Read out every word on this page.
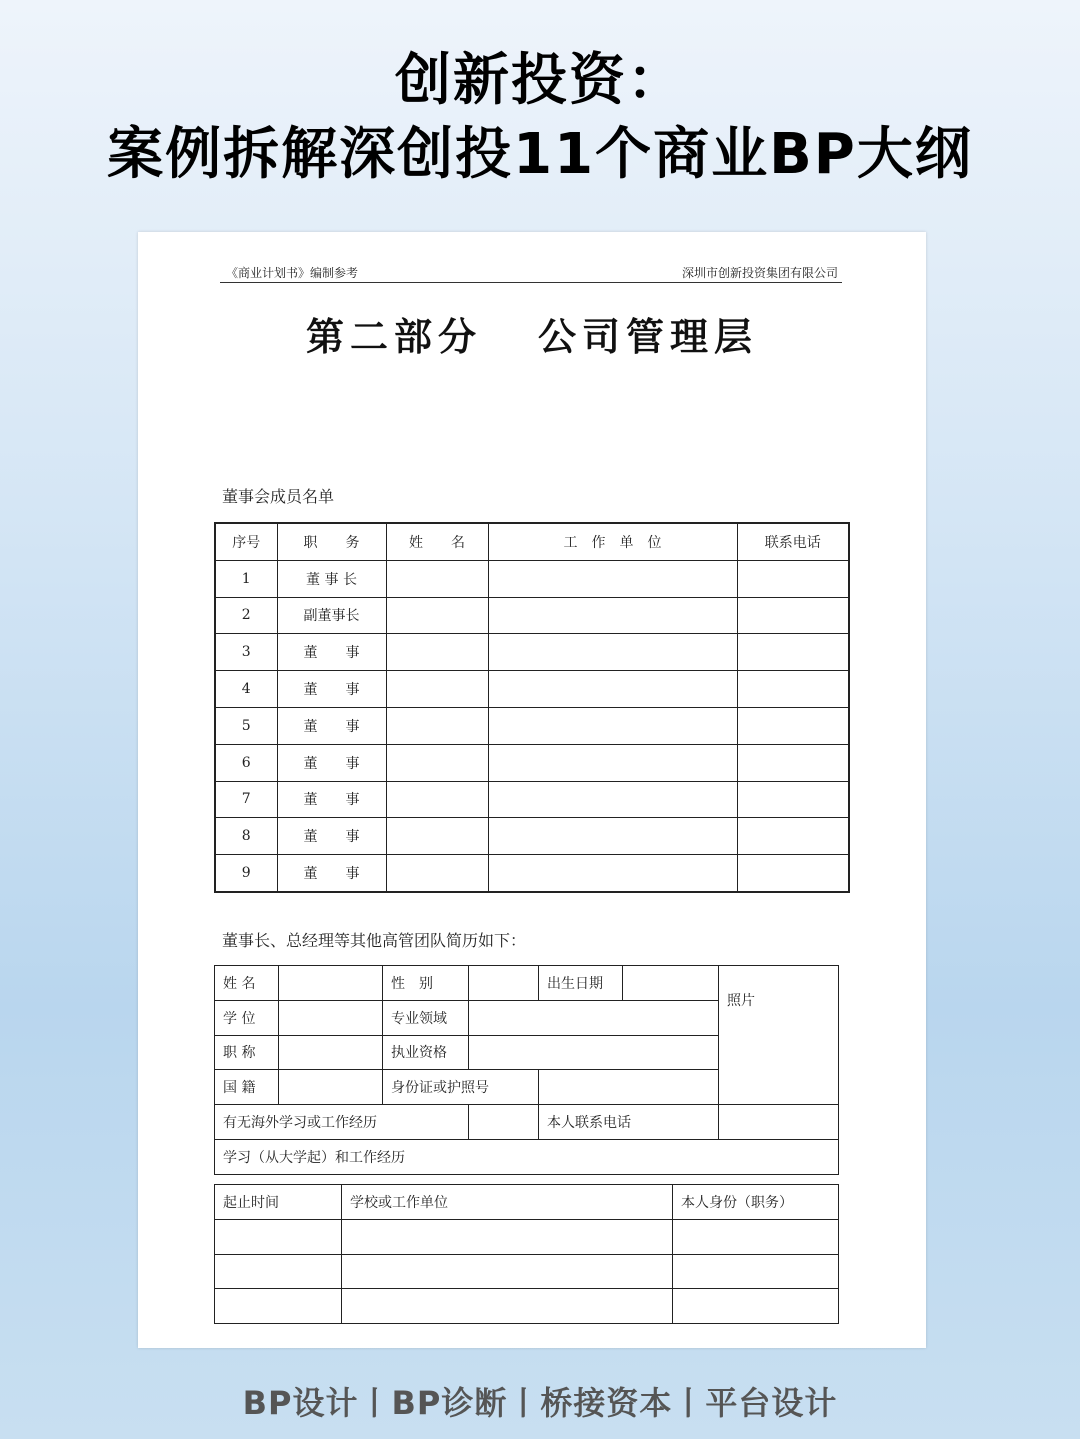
创新投资：
案例拆解深创投11个商业BP大纲
《商业计划书》编制参考	深圳市创新投资集团有限公司
第二部分 公司管理层
董事会成员名单
序号	职　　务	姓　　名	工　作　单　位	联系电话
1	董 事 长			
2	副董事长			
3	董　　事			
4	董　　事			
5	董　　事			
6	董　　事			
7	董　　事			
8	董　　事			
9	董　　事			
董事长、总经理等其他高管团队简历如下：
姓 名		性　别		出生日期		照片
学 位		专业领域				
职 称		执业资格				
国 籍		身份证或护照号				
有无海外学习或工作经历				本人联系电话		
学习（从大学起）和工作经历						
起止时间	学校或工作单位	本人身份（职务）

BP设计丨BP诊断丨桥接资本丨平台设计
